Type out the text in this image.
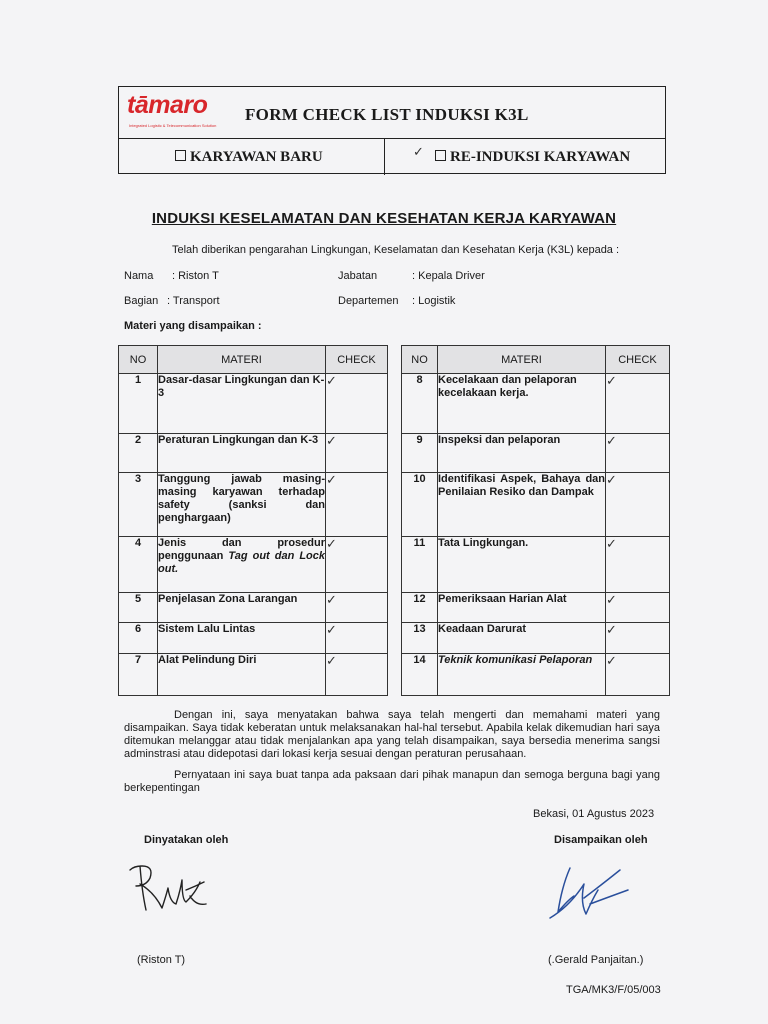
tāmaro
Integrated Logistic & Telecommunication Solution
FORM CHECK LIST INDUKSI K3L
KARYAWAN BARU	✓	RE-INDUKSI KARYAWAN
INDUKSI KESELAMATAN DAN KESEHATAN KERJA KARYAWAN
Telah diberikan pengarahan Lingkungan, Keselamatan dan Kesehatan Kerja (K3L) kepada :
Nama : Riston T	Jabatan	: Kepala Driver
Bagian : Transport	Departemen : Logistik
Materi yang disampaikan :
NO	MATERI	CHECK
1	Dasar-dasar Lingkungan dan K-3	✓
2	Peraturan Lingkungan dan K-3	✓
3	Tanggung jawab masing-masing karyawan terhadap safety (sanksi dan penghargaan)	✓
4	Jenis dan prosedur penggunaan Tag out dan Lock out.	✓
5	Penjelasan Zona Larangan	✓
6	Sistem Lalu Lintas	✓
7	Alat Pelindung Diri	✓
NO	MATERI	CHECK
8	Kecelakaan dan pelaporan kecelakaan kerja.	✓
9	Inspeksi dan pelaporan	✓
10	Identifikasi Aspek, Bahaya dan Penilaian Resiko dan Dampak	✓
11	Tata Lingkungan.	✓
12	Pemeriksaan Harian Alat	✓
13	Keadaan Darurat	✓
14	Teknik komunikasi Pelaporan	✓
Dengan ini, saya menyatakan bahwa saya telah mengerti dan memahami materi yang disampaikan. Saya tidak keberatan untuk melaksanakan hal-hal tersebut. Apabila kelak dikemudian hari saya ditemukan melanggar atau tidak menjalankan apa yang telah disampaikan, saya bersedia menerima sangsi adminstrasi atau didepotasi dari lokasi kerja sesuai dengan peraturan perusahaan.
Pernyataan ini saya buat tanpa ada paksaan dari pihak manapun dan semoga berguna bagi yang berkepentingan
Bekasi, 01 Agustus 2023
Dinyatakan oleh	Disampaikan oleh
(Riston T)	(.Gerald Panjaitan.)
TGA/MK3/F/05/003
